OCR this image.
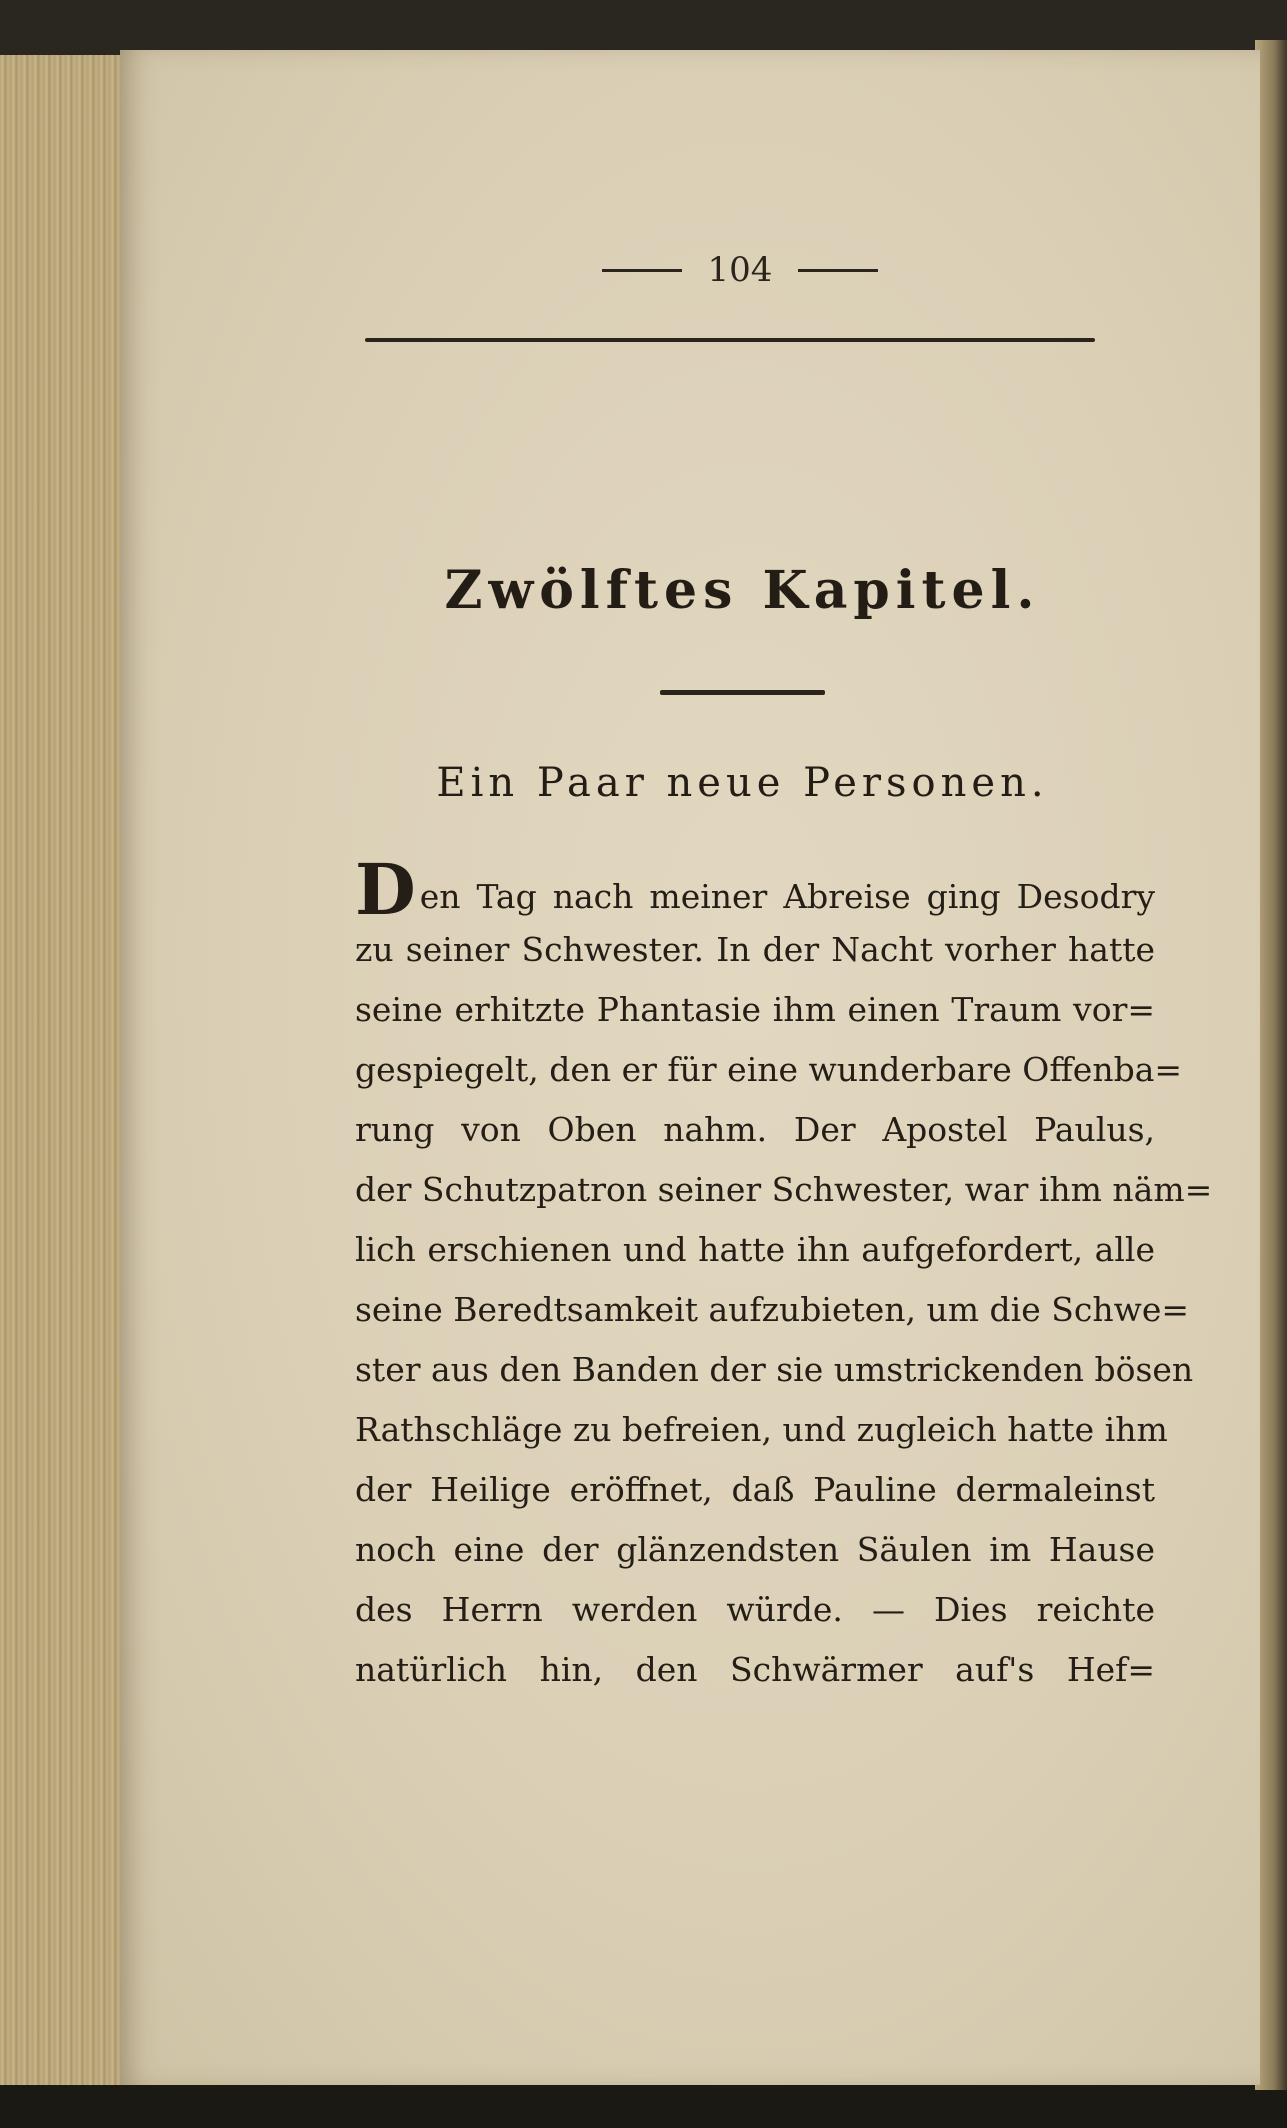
104
Zwölftes Kapitel.
Ein Paar neue Personen.
Den Tag nach meiner Abreise ging Desodry
zu seiner Schwester. In der Nacht vorher hatte
seine erhitzte Phantasie ihm einen Traum vor=
gespiegelt, den er für eine wunderbare Offenba=
rung von Oben nahm. Der Apostel Paulus,
der Schutzpatron seiner Schwester, war ihm näm=
lich erschienen und hatte ihn aufgefordert, alle
seine Beredtsamkeit aufzubieten, um die Schwe=
ster aus den Banden der sie umstrickenden bösen
Rathschläge zu befreien, und zugleich hatte ihm
der Heilige eröffnet, daß Pauline dermaleinst
noch eine der glänzendsten Säulen im Hause
des Herrn werden würde. — Dies reichte
natürlich hin, den Schwärmer auf's Hef=
